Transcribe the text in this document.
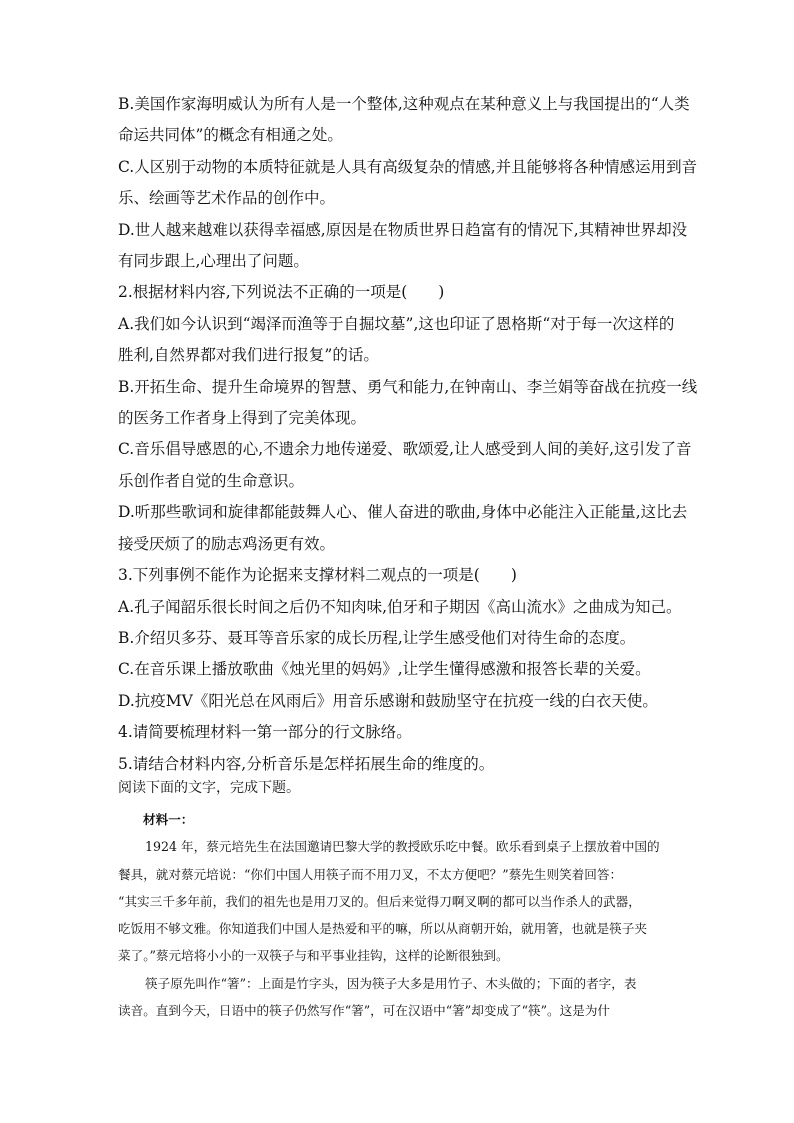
B.美国作家海明威认为所有人是一个整体,这种观点在某种意义上与我国提出的“人类

命运共同体”的概念有相通之处。

C.人区别于动物的本质特征就是人具有高级复杂的情感,并且能够将各种情感运用到音

乐、绘画等艺术作品的创作中。

D.世人越来越难以获得幸福感,原因是在物质世界日趋富有的情况下,其精神世界却没

有同步跟上,心理出了问题。

2.根据材料内容,下列说法不正确的一项是(　　)

A.我们如今认识到“竭泽而渔等于自掘坟墓”,这也印证了恩格斯“对于每一次这样的

胜利,自然界都对我们进行报复”的话。

B.开拓生命、提升生命境界的智慧、勇气和能力,在钟南山、李兰娟等奋战在抗疫一线

的医务工作者身上得到了完美体现。

C.音乐倡导感恩的心,不遗余力地传递爱、歌颂爱,让人感受到人间的美好,这引发了音

乐创作者自觉的生命意识。

D.听那些歌词和旋律都能鼓舞人心、催人奋进的歌曲,身体中必能注入正能量,这比去

接受厌烦了的励志鸡汤更有效。

3.下列事例不能作为论据来支撑材料二观点的一项是(　　)

A.孔子闻韶乐很长时间之后仍不知肉味,伯牙和子期因《高山流水》之曲成为知己。

B.介绍贝多芬、聂耳等音乐家的成长历程,让学生感受他们对待生命的态度。

C.在音乐课上播放歌曲《烛光里的妈妈》,让学生懂得感激和报答长辈的关爱。

D.抗疫MV《阳光总在风雨后》用音乐感谢和鼓励坚守在抗疫一线的白衣天使。

4.请简要梳理材料一第一部分的行文脉络。

5.请结合材料内容,分析音乐是怎样拓展生命的维度的。

阅读下面的文字，完成下题。

材料一：

1924 年，蔡元培先生在法国邀请巴黎大学的教授欧乐吃中餐。欧乐看到桌子上摆放着中国的

餐具，就对蔡元培说：“你们中国人用筷子而不用刀叉，不太方便吧？”蔡先生则笑着回答：

“其实三千多年前，我们的祖先也是用刀叉的。但后来觉得刀啊叉啊的都可以当作杀人的武器，

吃饭用不够文雅。你知道我们中国人是热爱和平的嘛，所以从商朝开始，就用箸，也就是筷子夹

菜了。”蔡元培将小小的一双筷子与和平事业挂钩，这样的论断很独到。

筷子原先叫作“箸”：上面是竹字头，因为筷子大多是用竹子、木头做的；下面的者字，表

读音。直到今天，日语中的筷子仍然写作“箸”，可在汉语中“箸”却变成了“筷”。这是为什
